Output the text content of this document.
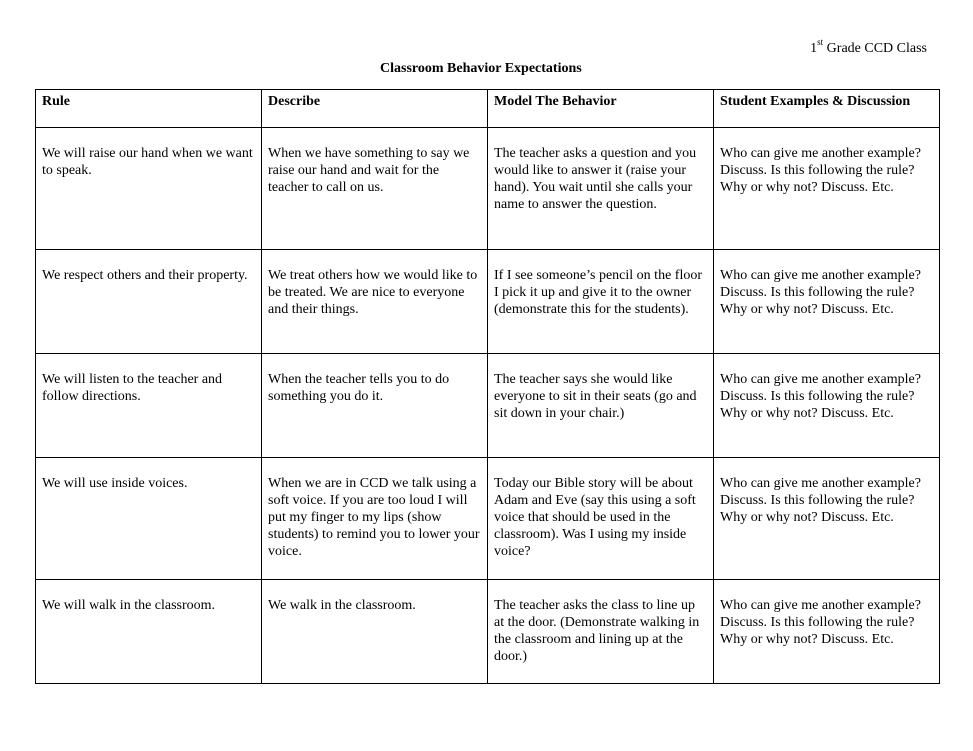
1st Grade CCD Class
Classroom Behavior Expectations
Rule	Describe	Model The Behavior	Student Examples & Discussion
We will raise our hand when we want to speak.	When we have something to say we raise our hand and wait for the teacher to call on us.	The teacher asks a question and you would like to answer it (raise your hand). You wait until she calls your name to answer the question.	Who can give me another example? Discuss. Is this following the rule? Why or why not? Discuss. Etc.
We respect others and their property.	We treat others how we would like to be treated. We are nice to everyone and their things.	If I see someone’s pencil on the floor I pick it up and give it to the owner (demonstrate this for the students).	Who can give me another example? Discuss. Is this following the rule? Why or why not? Discuss. Etc.
We will listen to the teacher and follow directions.	When the teacher tells you to do something you do it.	The teacher says she would like everyone to sit in their seats (go and sit down in your chair.)	Who can give me another example? Discuss. Is this following the rule? Why or why not? Discuss. Etc.
We will use inside voices.	When we are in CCD we talk using a soft voice. If you are too loud I will put my finger to my lips (show students) to remind you to lower your voice.	Today our Bible story will be about Adam and Eve (say this using a soft voice that should be used in the classroom). Was I using my inside voice?	Who can give me another example? Discuss. Is this following the rule? Why or why not? Discuss. Etc.
We will walk in the classroom.	We walk in the classroom.	The teacher asks the class to line up at the door. (Demonstrate walking in the classroom and lining up at the door.)	Who can give me another example? Discuss. Is this following the rule? Why or why not? Discuss. Etc.
